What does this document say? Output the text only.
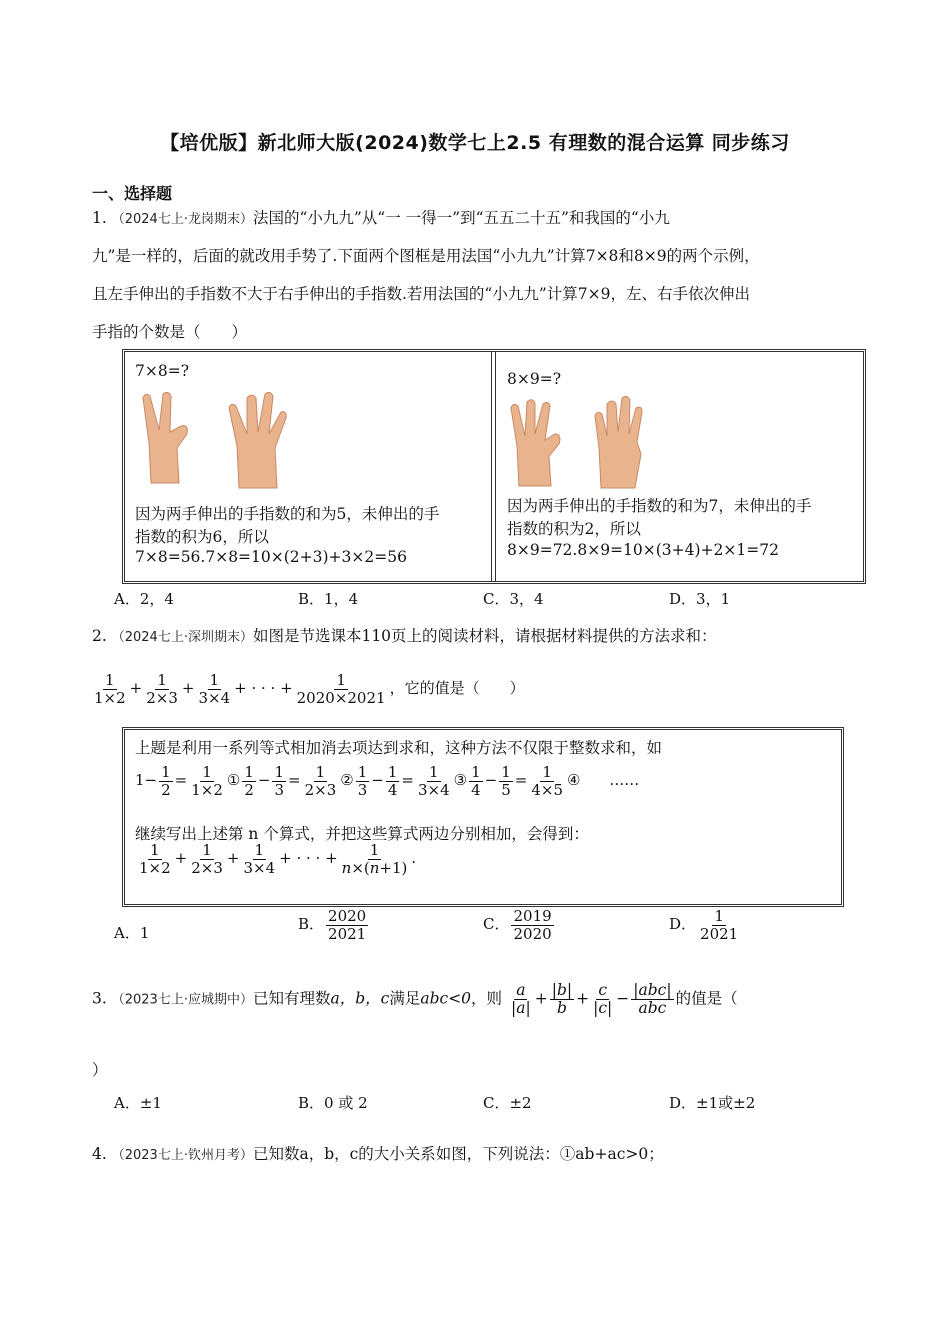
【培优版】新北师大版(2024)数学七上2.5 有理数的混合运算 同步练习
一、选择题
1. （2024七上·龙岗期末）法国的“小九九”从“一 一得一”到“五五二十五”和我国的“小九
九”是一样的，后面的就改用手势了.下面两个图框是用法国“小九九”计算7×8和8×9的两个示例，
且左手伸出的手指数不大于右手伸出的手指数.若用法国的“小九九”计算7×9，左、右手依次伸出
手指的个数是（　　）
7×8=?
因为两手伸出的手指数的和为5，未伸出的手
指数的积为6，所以
7×8=56.7×8=10×(2+3)+3×2=56
8×9=?
因为两手伸出的手指数的和为7，未伸出的手
指数的积为2，所以
8×9=72.8×9=10×(3+4)+2×1=72
A．2，4	B．1，4	C．3，4	D．3，1
2. （2024七上·深圳期末）如图是节选课本110页上的阅读材料，请根据材料提供的方法求和：
$\frac{1}{1\times 2} + \frac{1}{2\times 3} + \frac{1}{3\times 4}$ + · · · + $\frac{1}{2020\times 2021}$ ，它的值是（　　）
上题是利用一系列等式相加消去项达到求和，这种方法不仅限于整数求和，如
$1- \frac{1}{2} = \frac{1}{1\times 2}$ ① $\frac{1}{2} - \frac{1}{3} = \frac{1}{2\times 3}$ ② $\frac{1}{3} - \frac{1}{4} = \frac{1}{3\times 4}$ ③ $\frac{1}{4} - \frac{1}{5} = \frac{1}{4\times 5}$ ④ ……
继续写出上述第 n 个算式，并把这些算式两边分别相加，会得到：
$\frac{1}{1\times 2} + \frac{1}{2\times 3} + \frac{1}{3\times 4}$ + · · · + $\frac{1}{n\times(n+1)}$ .
A．1	B． $\frac{2020}{2021}$	C． $\frac{2019}{2020}$	D． $\frac{1}{2021}$
3. （2023七上·应城期中）已知有理数a，b，c满足abc<0，则 $\frac{a}{|a|} + \frac{|b|}{b} + \frac{c}{|c|} - \frac{\text{|abc|}}{\text{abc}}$ 的值是（
）
A．±1	B．0 或 2	C．±2	D．±1或±2
4. （2023七上·钦州月考）已知数a，b，c的大小关系如图，下列说法：①ab+ac>0；
